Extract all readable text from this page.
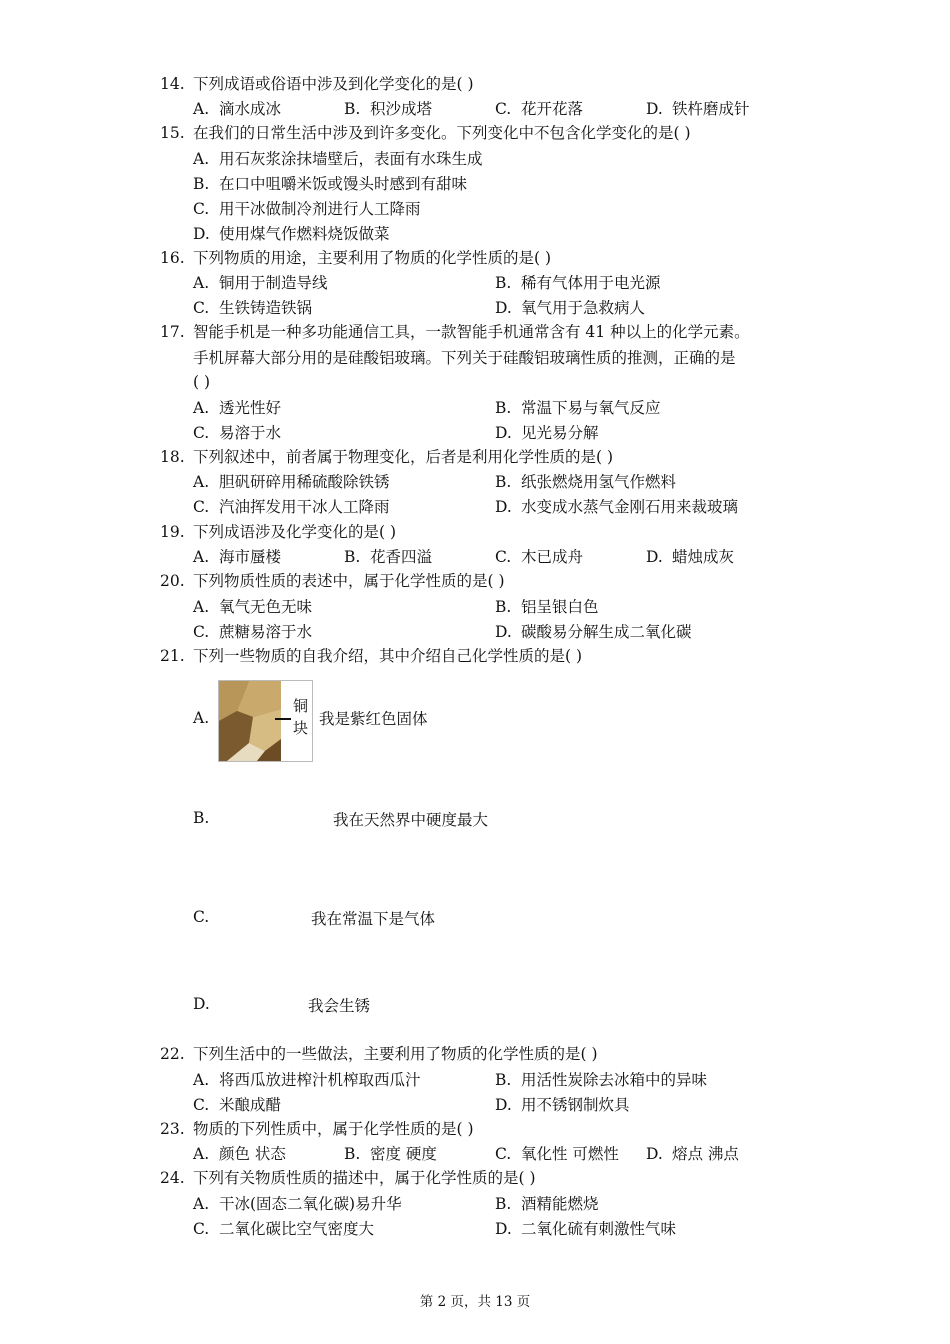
14. 下列成语或俗语中涉及到化学变化的是( )
A. 滴水成冰	B. 积沙成塔	C. 花开花落	D. 铁杵磨成针
15. 在我们的日常生活中涉及到许多变化。下列变化中不包含化学变化的是( )
A. 用石灰浆涂抹墙壁后，表面有水珠生成
B. 在口中咀嚼米饭或馒头时感到有甜味
C. 用干冰做制冷剂进行人工降雨
D. 使用煤气作燃料烧饭做菜
16. 下列物质的用途，主要利用了物质的化学性质的是( )
A. 铜用于制造导线	B. 稀有气体用于电光源
C. 生铁铸造铁锅	D. 氧气用于急救病人
17. 智能手机是一种多功能通信工具，一款智能手机通常含有 41 种以上的化学元素。
手机屏幕大部分用的是硅酸铝玻璃。下列关于硅酸铝玻璃性质的推测，正确的是
( )
A. 透光性好	B. 常温下易与氧气反应
C. 易溶于水	D. 见光易分解
18. 下列叙述中，前者属于物理变化，后者是利用化学性质的是( )
A. 胆矾研碎用稀硫酸除铁锈	B. 纸张燃烧用氢气作燃料
C. 汽油挥发用干冰人工降雨	D. 水变成水蒸气金刚石用来裁玻璃
19. 下列成语涉及化学变化的是( )
A. 海市蜃楼	B. 花香四溢	C. 木已成舟	D. 蜡烛成灰
20. 下列物质性质的表述中，属于化学性质的是( )
A. 氧气无色无味	B. 铝呈银白色
C. 蔗糖易溶于水	D. 碳酸易分解生成二氧化碳
21. 下列一些物质的自我介绍，其中介绍自己化学性质的是( )
A.
铜块 我是紫红色固体
B.	我在天然界中硬度最大
C.	我在常温下是气体
D.	我会生锈
22. 下列生活中的一些做法，主要利用了物质的化学性质的是( )
A. 将西瓜放进榨汁机榨取西瓜汁	B. 用活性炭除去冰箱中的异味
C. 米酿成醋	D. 用不锈钢制炊具
23. 物质的下列性质中，属于化学性质的是( )
A. 颜色 状态	B. 密度 硬度	C. 氧化性 可燃性 D. 熔点 沸点
24. 下列有关物质性质的描述中，属于化学性质的是( )
A. 干冰(固态二氧化碳)易升华	B. 酒精能燃烧
C. 二氧化碳比空气密度大	D. 二氧化硫有刺激性气味
第 2 页，共 13 页
